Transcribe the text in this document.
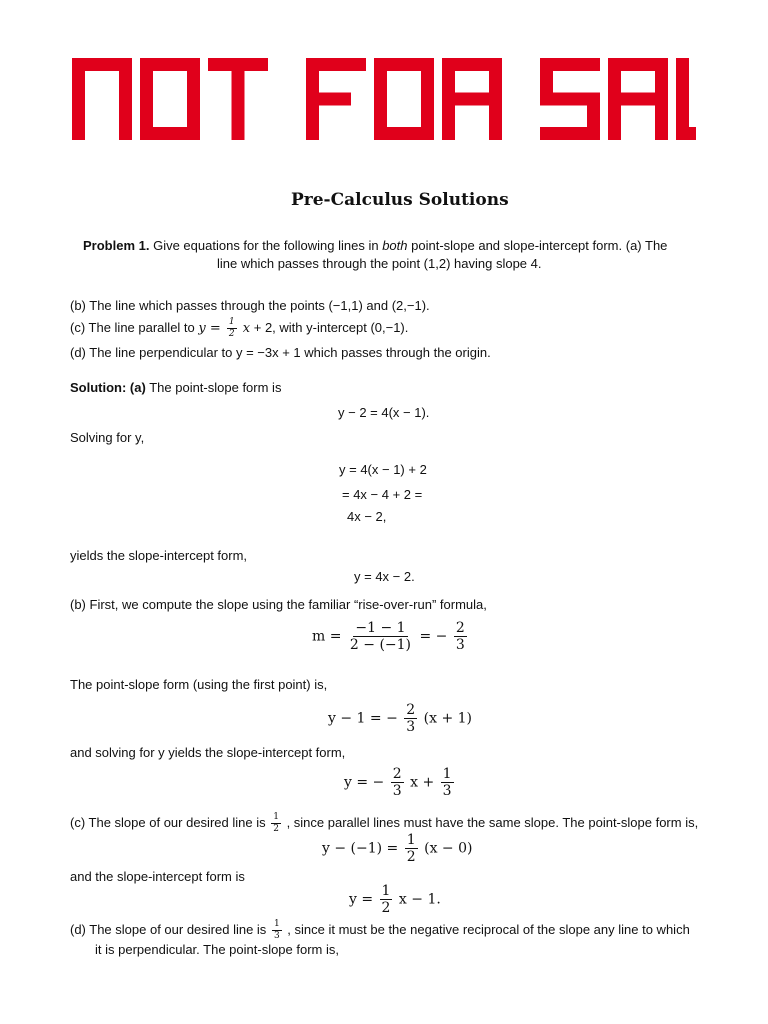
Pre-Calculus Solutions
Problem 1. Give equations for the following lines in both point-slope and slope-intercept form. (a) The
line which passes through the point (1,2) having slope 4.
(b) The line which passes through the points (−1,1) and (2,−1).
(c) The line parallel to $y = \frac{1}{2}$ x + 2, with y-intercept (0,−1).
(d) The line perpendicular to y = −3x + 1 which passes through the origin.
Solution: (a) The point-slope form is
y − 2 = 4(x − 1).
Solving for y,
y = 4(x − 1) + 2
= 4x − 4 + 2 =
4x − 2,
yields the slope-intercept form,
y = 4x − 2.
(b) First, we compute the slope using the familiar “rise-over-run” formula,
$m = \frac{-1 - 1}{2 - (-1)}$ = − $\frac{2}{3}$
The point-slope form (using the first point) is,
y − 1 = − $\frac{2}{3} (x + 1)$
and solving for y yields the slope-intercept form,
y = − $\frac{2}{3}$ $x + \frac{1}{3}$
(c) The slope of our desired line is $\frac{1}{2}$ , since parallel lines must have the same slope. The point-slope form is,
$y - (-1) = \frac{1}{2} (x - 0)$
and the slope-intercept form is
$y = \frac{1}{2}$ x − 1.
(d) The slope of our desired line is $\frac{1}{3}$ , since it must be the negative reciprocal of the slope any line to which
it is perpendicular. The point-slope form is,
